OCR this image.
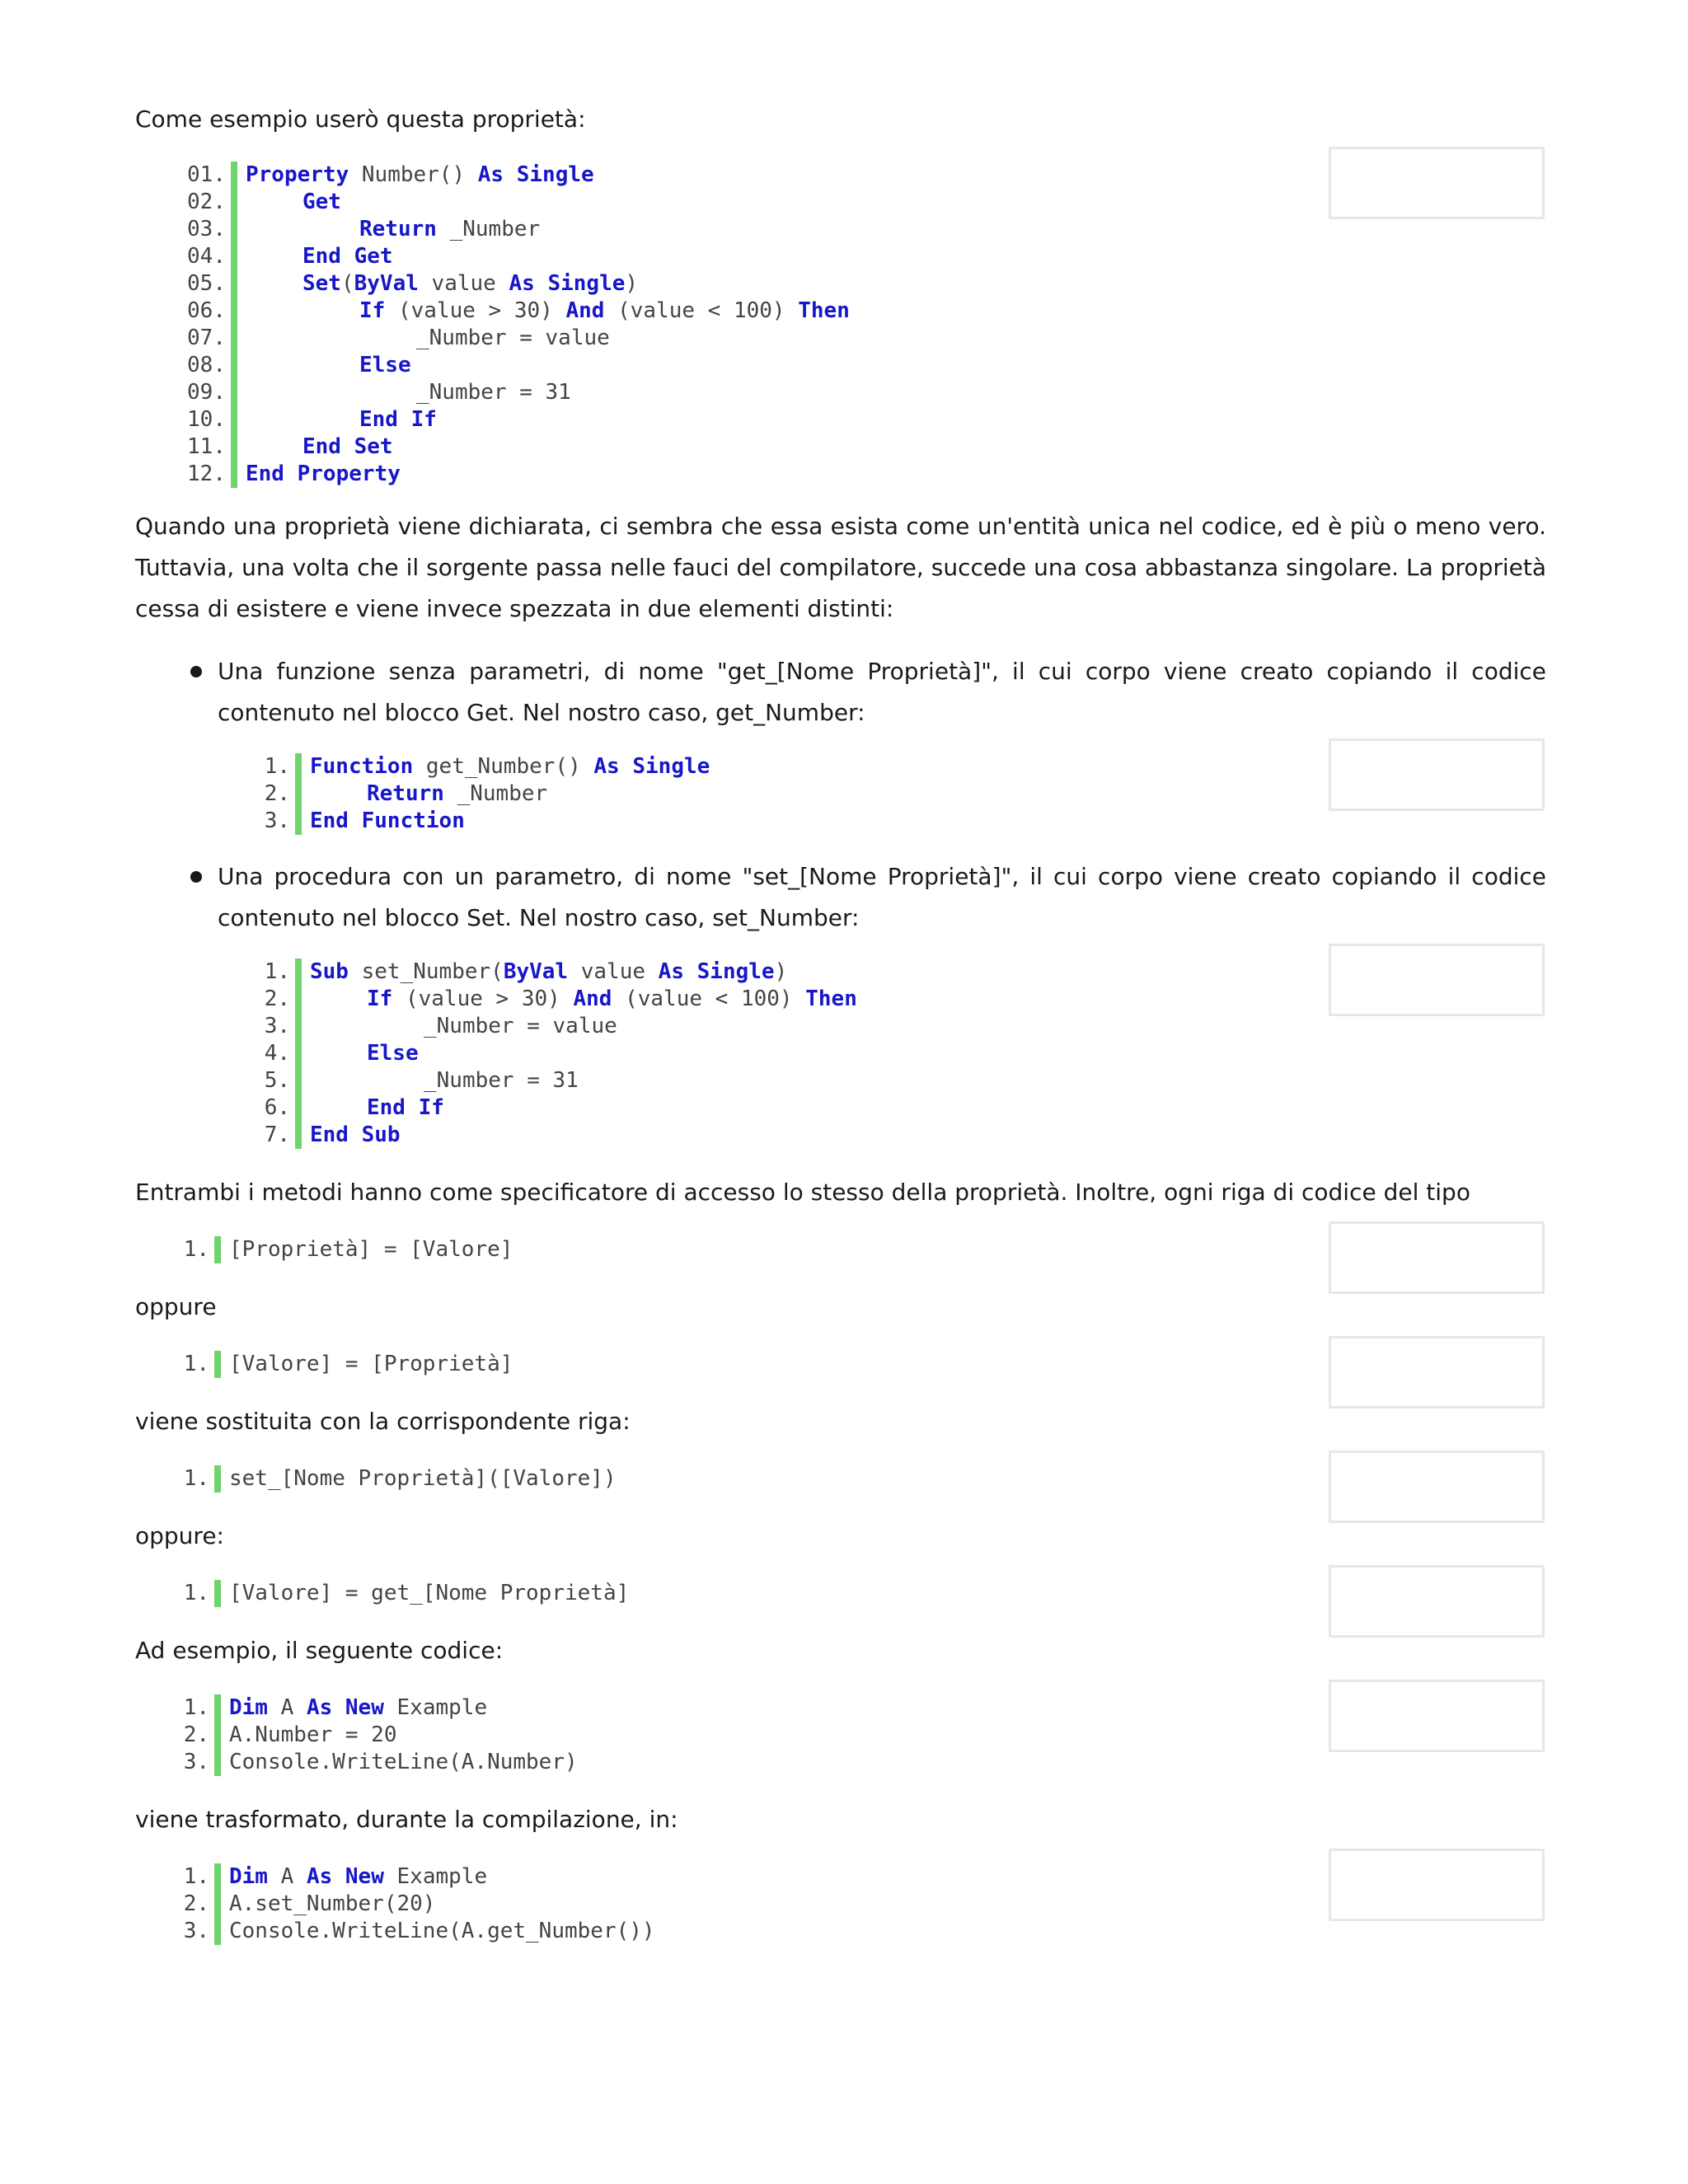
Come esempio userò questa proprietà:

01. Property Number() As Single
02.	Get
03.	Return _Number
04.	End Get
05.	Set(ByVal value As Single)
06.	If (value > 30) And (value < 100) Then
07.	_Number = value
08.	Else
09.	_Number = 31
10.	End If
11.	End Set
12. End Property

Quando una proprietà viene dichiarata, ci sembra che essa esista come un'entità unica nel codice, ed è più o meno vero. Tuttavia, una volta che il sorgente passa nelle fauci del compilatore, succede una cosa abbastanza singolare. La proprietà cessa di esistere e viene invece spezzata in due elementi distinti:

Una funzione senza parametri, di nome "get_[Nome Proprietà]", il cui corpo viene creato copiando il codice contenuto nel blocco Get. Nel nostro caso, get_Number:

1. Function get_Number() As Single
2.	Return _Number
3. End Function

Una procedura con un parametro, di nome "set_[Nome Proprietà]", il cui corpo viene creato copiando il codice contenuto nel blocco Set. Nel nostro caso, set_Number:

1. Sub set_Number(ByVal value As Single)
2.	If (value > 30) And (value < 100) Then
3.	_Number = value
4.	Else
5.	_Number = 31
6.	End If
7. End Sub

Entrambi i metodi hanno come specificatore di accesso lo stesso della proprietà. Inoltre, ogni riga di codice del tipo

1. [Proprietà] = [Valore]

oppure

1. [Valore] = [Proprietà]

viene sostituita con la corrispondente riga:

1. set_[Nome Proprietà]([Valore])

oppure:

1. [Valore] = get_[Nome Proprietà]

Ad esempio, il seguente codice:

1. Dim A As New Example
2. A.Number = 20
3. Console.WriteLine(A.Number)

viene trasformato, durante la compilazione, in:

1. Dim A As New Example
2. A.set_Number(20)
3. Console.WriteLine(A.get_Number())
